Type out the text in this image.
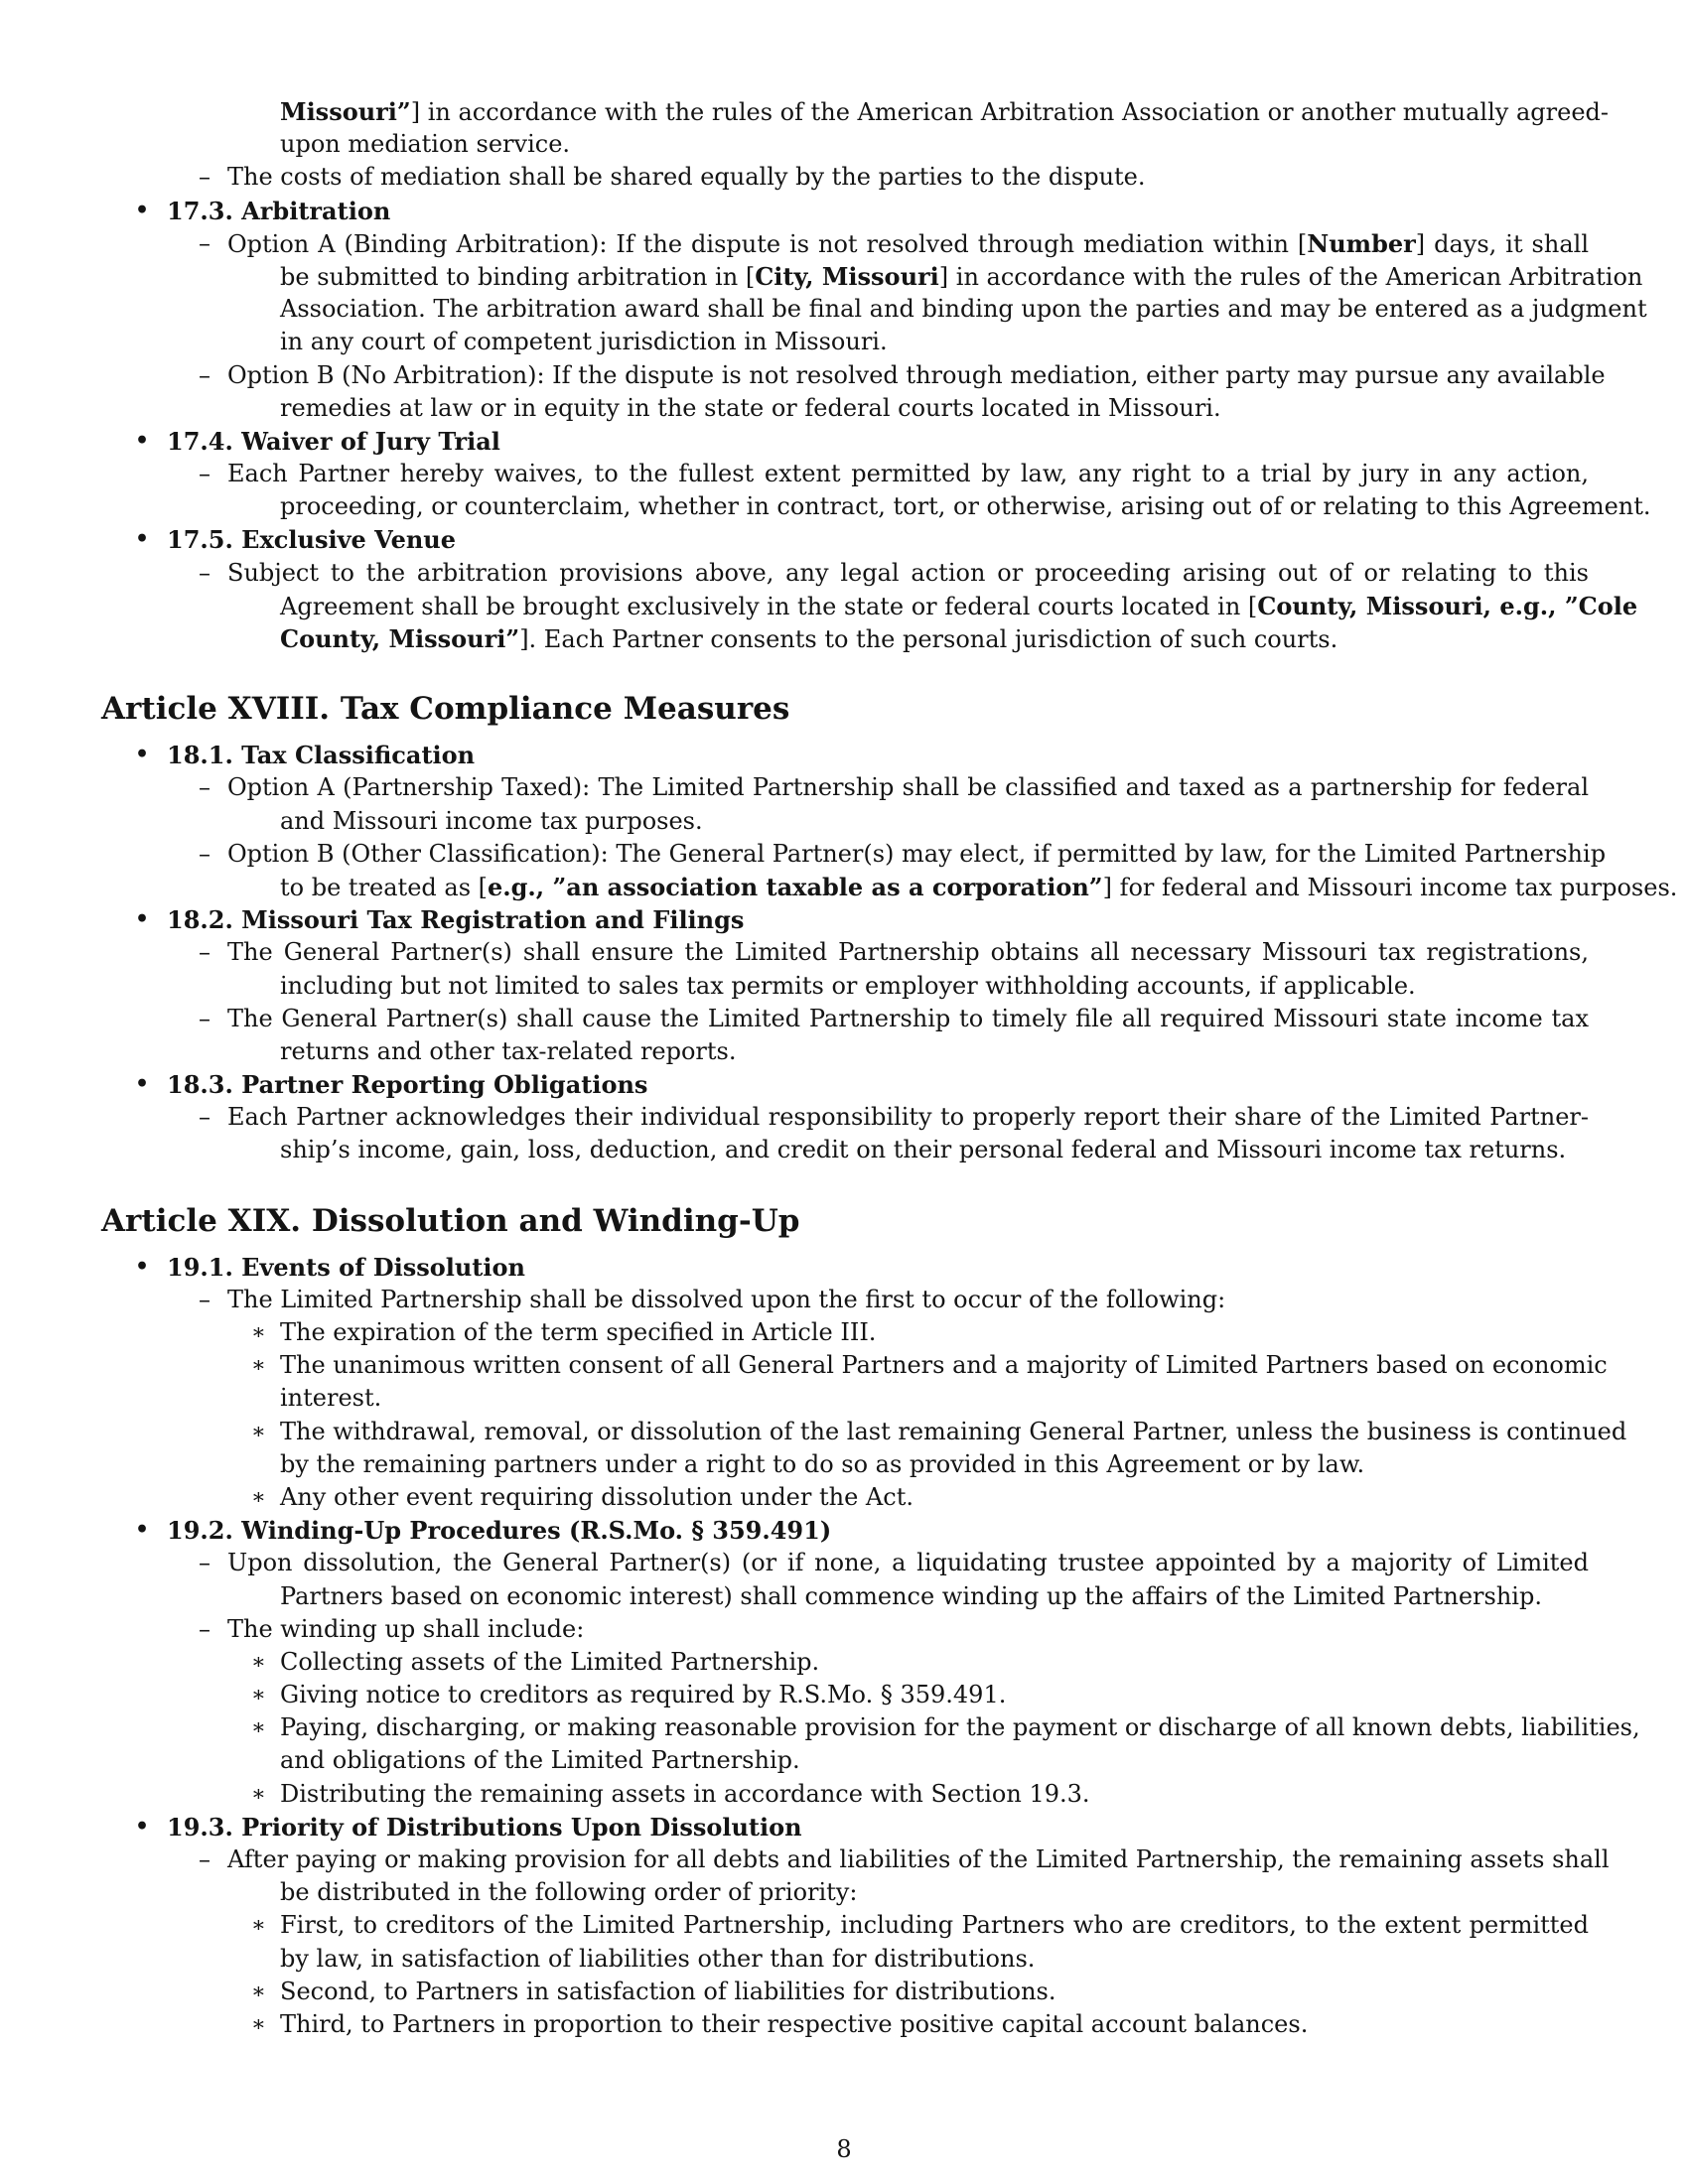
Missouri”] in accordance with the rules of the American Arbitration Association or another mutually agreed-
upon mediation service.
– The costs of mediation shall be shared equally by the parties to the dispute.
• 17.3. Arbitration
– Option A (Binding Arbitration): If the dispute is not resolved through mediation within [Number] days, it shall
be submitted to binding arbitration in [City, Missouri] in accordance with the rules of the American Arbitration
Association. The arbitration award shall be final and binding upon the parties and may be entered as a judgment
in any court of competent jurisdiction in Missouri.
– Option B (No Arbitration): If the dispute is not resolved through mediation, either party may pursue any available
remedies at law or in equity in the state or federal courts located in Missouri.
• 17.4. Waiver of Jury Trial
– Each Partner hereby waives, to the fullest extent permitted by law, any right to a trial by jury in any action,
proceeding, or counterclaim, whether in contract, tort, or otherwise, arising out of or relating to this Agreement.
• 17.5. Exclusive Venue
– Subject to the arbitration provisions above, any legal action or proceeding arising out of or relating to this
Agreement shall be brought exclusively in the state or federal courts located in [County, Missouri, e.g., ”Cole
County, Missouri”]. Each Partner consents to the personal jurisdiction of such courts.
Article XVIII. Tax Compliance Measures
• 18.1. Tax Classification
– Option A (Partnership Taxed): The Limited Partnership shall be classified and taxed as a partnership for federal
and Missouri income tax purposes.
– Option B (Other Classification): The General Partner(s) may elect, if permitted by law, for the Limited Partnership
to be treated as [e.g., ”an association taxable as a corporation”] for federal and Missouri income tax purposes.
• 18.2. Missouri Tax Registration and Filings
– The General Partner(s) shall ensure the Limited Partnership obtains all necessary Missouri tax registrations,
including but not limited to sales tax permits or employer withholding accounts, if applicable.
– The General Partner(s) shall cause the Limited Partnership to timely file all required Missouri state income tax
returns and other tax-related reports.
• 18.3. Partner Reporting Obligations
– Each Partner acknowledges their individual responsibility to properly report their share of the Limited Partner-
ship’s income, gain, loss, deduction, and credit on their personal federal and Missouri income tax returns.
Article XIX. Dissolution and Winding-Up
• 19.1. Events of Dissolution
– The Limited Partnership shall be dissolved upon the first to occur of the following:
∗ The expiration of the term specified in Article III.
∗ The unanimous written consent of all General Partners and a majority of Limited Partners based on economic
interest.
∗ The withdrawal, removal, or dissolution of the last remaining General Partner, unless the business is continued
by the remaining partners under a right to do so as provided in this Agreement or by law.
∗ Any other event requiring dissolution under the Act.
• 19.2. Winding-Up Procedures (R.S.Mo. § 359.491)
– Upon dissolution, the General Partner(s) (or if none, a liquidating trustee appointed by a majority of Limited
Partners based on economic interest) shall commence winding up the affairs of the Limited Partnership.
– The winding up shall include:
∗ Collecting assets of the Limited Partnership.
∗ Giving notice to creditors as required by R.S.Mo. § 359.491.
∗ Paying, discharging, or making reasonable provision for the payment or discharge of all known debts, liabilities,
and obligations of the Limited Partnership.
∗ Distributing the remaining assets in accordance with Section 19.3.
• 19.3. Priority of Distributions Upon Dissolution
– After paying or making provision for all debts and liabilities of the Limited Partnership, the remaining assets shall
be distributed in the following order of priority:
∗ First, to creditors of the Limited Partnership, including Partners who are creditors, to the extent permitted
by law, in satisfaction of liabilities other than for distributions.
∗ Second, to Partners in satisfaction of liabilities for distributions.
∗ Third, to Partners in proportion to their respective positive capital account balances.
8
